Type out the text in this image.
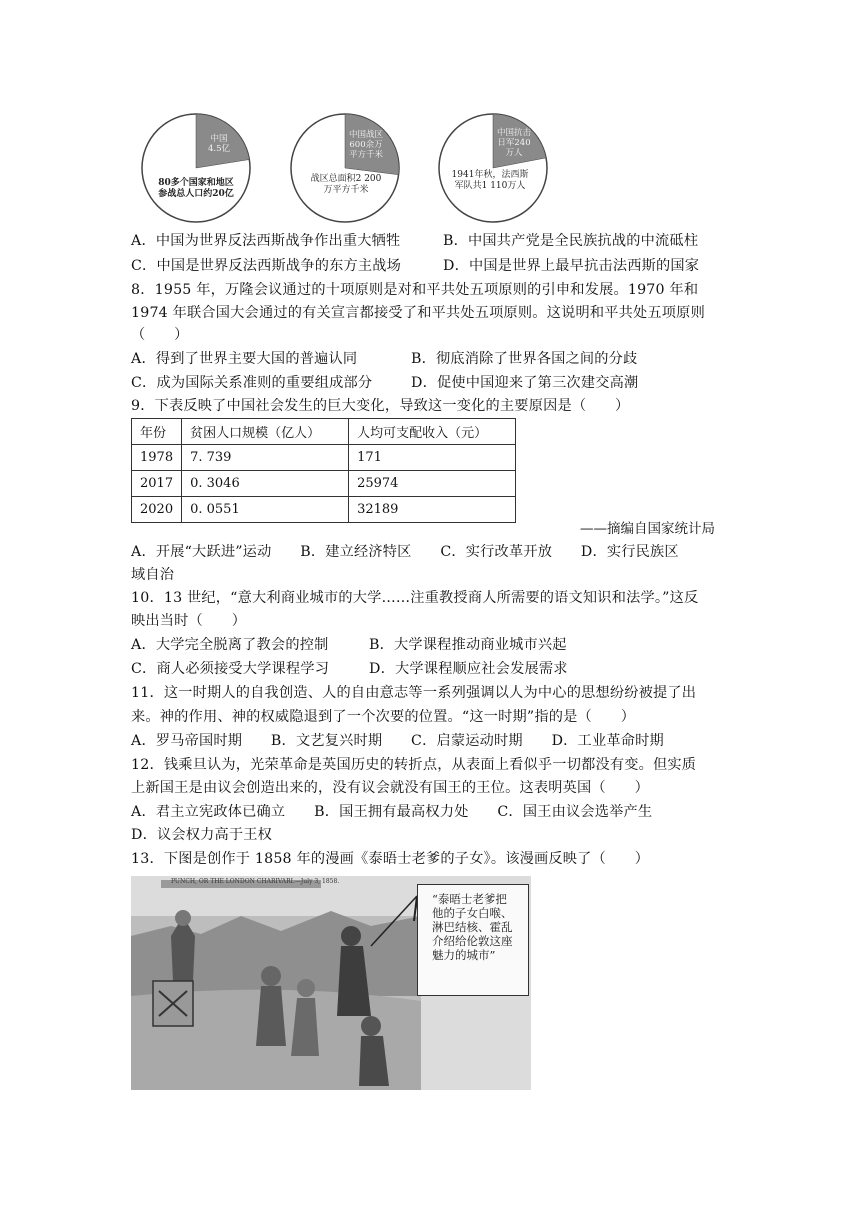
中国
4.5亿
80多个国家和地区
参战总人口约20亿
中国战区
600余万
平方千米
战区总面积2 200
万平方千米
中国抗击
日军240
万人
1941年秋，法西斯
军队共1 110万人
A．中国为世界反法西斯战争作出重大牺牲	B．中国共产党是全民族抗战的中流砥柱
C．中国是世界反法西斯战争的东方主战场	D．中国是世界上最早抗击法西斯的国家
8．1955 年，万隆会议通过的十项原则是对和平共处五项原则的引申和发展。1970 年和
1974 年联合国大会通过的有关宣言都接受了和平共处五项原则。这说明和平共处五项原则
（　　）
A．得到了世界主要大国的普遍认同	B．彻底消除了世界各国之间的分歧
C．成为国际关系准则的重要组成部分	D．促使中国迎来了第三次建交高潮
9．下表反映了中国社会发生的巨大变化，导致这一变化的主要原因是（　　）
年份	贫困人口规模（亿人）	人均可支配收入（元）
1978	7. 739	171
2017	0. 3046	25974
2020	0. 0551	32189
——摘编自国家统计局
A．开展“大跃进”运动　　B．建立经济特区　　C．实行改革开放　　D．实行民族区
域自治
10．13 世纪，“意大利商业城市的大学……注重教授商人所需要的语文知识和法学。”这反
映出当时（　　）
A．大学完全脱离了教会的控制	B．大学课程推动商业城市兴起
C．商人必须接受大学课程学习	D．大学课程顺应社会发展需求
11．这一时期人的自我创造、人的自由意志等一系列强调以人为中心的思想纷纷被提了出
来。神的作用、神的权威隐退到了一个次要的位置。“这一时期”指的是（　　）
A．罗马帝国时期　　B．文艺复兴时期　　C．启蒙运动时期　　D．工业革命时期
12．钱乘旦认为，光荣革命是英国历史的转折点，从表面上看似乎一切都没有变。但实质
上新国王是由议会创造出来的，没有议会就没有国王的王位。这表明英国（　　）
A．君主立宪政体已确立　　B．国王拥有最高权力处　　C．国王由议会选举产生
D．议会权力高于王权
13．下图是创作于 1858 年的漫画《泰晤士老爹的子女》。该漫画反映了（　　）
PUNCH, OR THE LONDON CHARIVARI.—July 3, 1858.
“泰晤士老爹把他的子女白喉、淋巴结核、霍乱介绍给伦敦这座魅力的城市”
